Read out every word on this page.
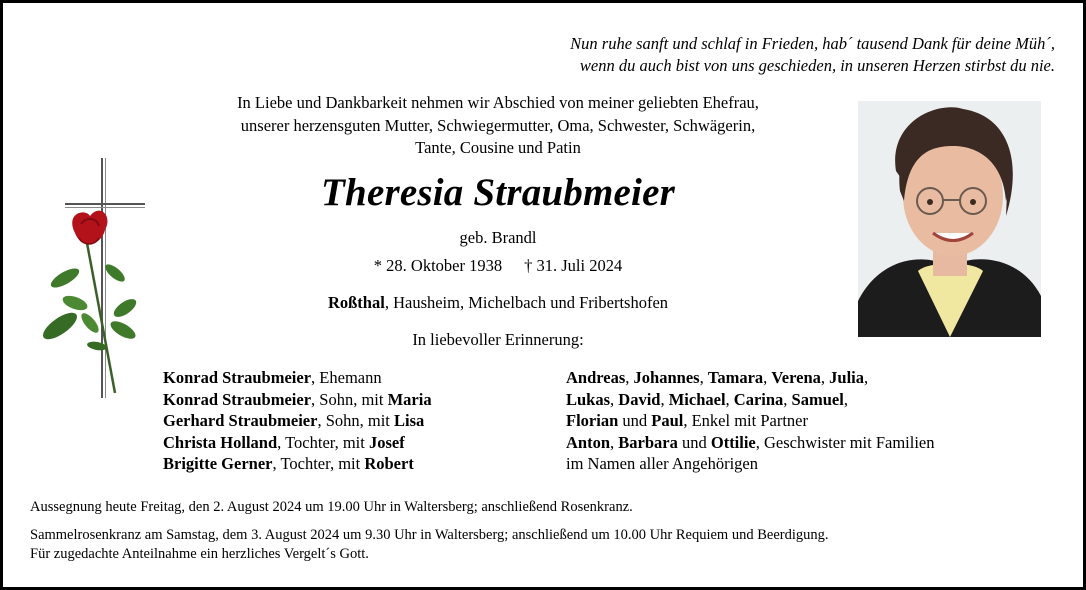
Nun ruhe sanft und schlaf in Frieden, hab´ tausend Dank für deine Müh´,
wenn du auch bist von uns geschieden, in unseren Herzen stirbst du nie.
In Liebe und Dankbarkeit nehmen wir Abschied von meiner geliebten Ehefrau,
unserer herzensguten Mutter, Schwiegermutter, Oma, Schwester, Schwägerin,
Tante, Cousine und Patin
Theresia Straubmeier
geb. Brandl
* 28. Oktober 1938 † 31. Juli 2024
Roßthal, Hausheim, Michelbach und Fribertshofen
In liebevoller Erinnerung:
Konrad Straubmeier, Ehemann
Konrad Straubmeier, Sohn, mit Maria
Gerhard Straubmeier, Sohn, mit Lisa
Christa Holland, Tochter, mit Josef
Brigitte Gerner, Tochter, mit Robert
Andreas, Johannes, Tamara, Verena, Julia,
Lukas, David, Michael, Carina, Samuel,
Florian und Paul, Enkel mit Partner
Anton, Barbara und Ottilie, Geschwister mit Familien
im Namen aller Angehörigen
Aussegnung heute Freitag, den 2. August 2024 um 19.00 Uhr in Waltersberg; anschließend Rosenkranz.
Sammelrosenkranz am Samstag, dem 3. August 2024 um 9.30 Uhr in Waltersberg; anschließend um 10.00 Uhr Requiem und Beerdigung.
Für zugedachte Anteilnahme ein herzliches Vergelt´s Gott.
